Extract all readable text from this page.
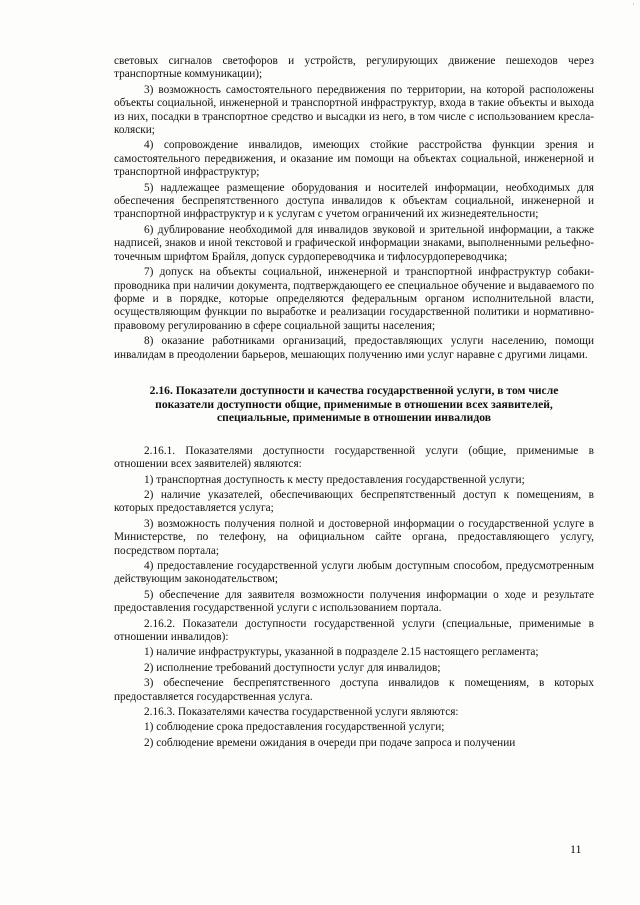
'

световых сигналов светофоров и устройств, регулирующих движение пешеходов через транспортные коммуникации);

3) возможность самостоятельного передвижения по территории, на которой расположены объекты социальной, инженерной и транспортной инфраструктур, входа в такие объекты и выхода из них, посадки в транспортное средство и высадки из него, в том числе с использованием кресла-коляски;

4) сопровождение инвалидов, имеющих стойкие расстройства функции зрения и самостоятельного передвижения, и оказание им помощи на объектах социальной, инженерной и транспортной инфраструктур;

5) надлежащее размещение оборудования и носителей информации, необходимых для обеспечения беспрепятственного доступа инвалидов к объектам социальной, инженерной и транспортной инфраструктур и к услугам с учетом ограничений их жизнедеятельности;

6) дублирование необходимой для инвалидов звуковой и зрительной информации, а также надписей, знаков и иной текстовой и графической информации знаками, выполненными рельефно-точечным шрифтом Брайля, допуск сурдопереводчика и тифлосурдопереводчика;

7) допуск на объекты социальной, инженерной и транспортной инфраструктур собаки-проводника при наличии документа, подтверждающего ее специальное обучение и выдаваемого по форме и в порядке, которые определяются федеральным органом исполнительной власти, осуществляющим функции по выработке и реализации государственной политики и нормативно-правовому регулированию в сфере социальной защиты населения;

8) оказание работниками организаций, предоставляющих услуги населению, помощи инвалидам в преодолении барьеров, мешающих получению ими услуг наравне с другими лицами.

2.16. Показатели доступности и качества государственной услуги, в том числе показатели доступности общие, применимые в отношении всех заявителей, специальные, применимые в отношении инвалидов

2.16.1. Показателями доступности государственной услуги (общие, применимые в отношении всех заявителей) являются:

1) транспортная доступность к месту предоставления государственной услуги;

2) наличие указателей, обеспечивающих беспрепятственный доступ к помещениям, в которых предоставляется услуга;

3) возможность получения полной и достоверной информации о государственной услуге в Министерстве, по телефону, на официальном сайте органа, предоставляющего услугу, посредством портала;

4) предоставление государственной услуги любым доступным способом, предусмотренным действующим законодательством;

5) обеспечение для заявителя возможности получения информации о ходе и результате предоставления государственной услуги с использованием портала.

2.16.2. Показатели доступности государственной услуги (специальные, применимые в отношении инвалидов):

1) наличие инфраструктуры, указанной в подразделе 2.15 настоящего регламента;

2) исполнение требований доступности услуг для инвалидов;

3) обеспечение беспрепятственного доступа инвалидов к помещениям, в которых предоставляется государственная услуга.

2.16.3. Показателями качества государственной услуги являются:

1) соблюдение срока предоставления государственной услуги;

2) соблюдение времени ожидания в очереди при подаче запроса и получении

11
